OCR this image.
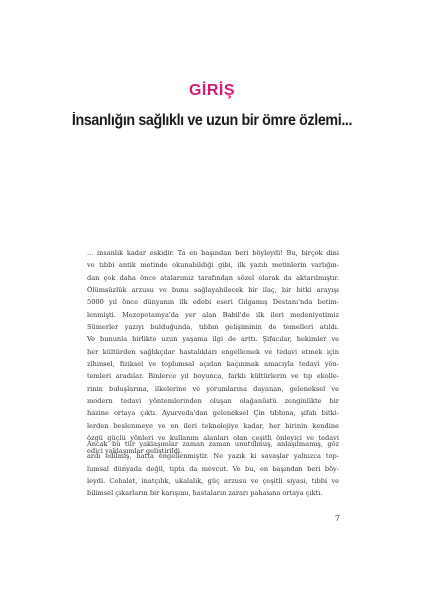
GİRİŞ
İnsanlığın sağlıklı ve uzun bir ömre özlemi...
... insanlık kadar eskidir. Ta en başından beri böyleydi! Bu, birçok dini
ve tıbbi antik metinde okunabildiği gibi, ilk yazılı metinlerin varlığın-
dan çok daha önce atalarımız tarafından sözel olarak da aktarılmıştır.
Ölümsüzlük arzusu ve bunu sağlayabilecek bir ilaç, bir bitki arayışı
5000 yıl önce dünyanın ilk edebi eseri Gılgamış Destanı'nda betim-
lenmişti. Mezopotamya'da yer alan Babil'de ilk ileri medeniyetimiz
Sümerler yazıyı bulduğunda, tıbbın gelişiminin de temelleri atıldı.
Ve bununla birlikte uzun yaşama ilgi de arttı. Şifacılar, hekimler ve
her kültürden sağlıkçılar hastalıkları engellemek ve tedavi etmek için
zihinsel, fiziksel ve toplumsal açıdan kaçınmak amacıyla tedavi yön-
temleri aradılar. Binlerce yıl boyunca, farklı kültürlerin ve tıp ekolle-
rinin buluşlarına, ilkelerine ve yorumlarına dayanan, geleneksel ve
modern tedavi yöntemlerinden oluşan olağanüstü zenginlikte bir
hazine ortaya çıktı. Ayurveda'dan geleneksel Çin tıbbına, şifalı bitki-
lerden beslenmeye ve en ileri teknolojiye kadar, her birinin kendine
özgü güçlü yönleri ve kullanım alanları olan çeşitli önleyici ve tedavi
edici yaklaşımlar geliştirildi.
Ancak bu tür yaklaşımlar zaman zaman unutulmuş, anlaşılmamış, göz
ardı edilmiş, hatta engellenmiştir. Ne yazık ki savaşlar yalnızca top-
lumsal dünyada değil, tıpta da mevcut. Ve bu, en başından beri böy-
leydi. Cehalet, inatçılık, ukalalık, güç arzusu ve çeşitli siyasi, tıbbi ve
bilimsel çıkarların bir karışımı, hastaların zararı pahasına ortaya çıktı.
7
